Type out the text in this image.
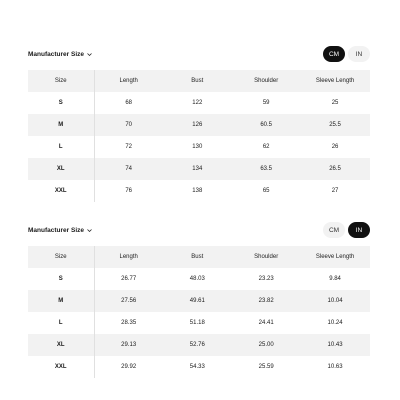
Manufacturer Size	CM	IN
Size	Length	Bust	Shoulder	Sleeve Length
S	68	122	59	25
M	70	126	60.5	25.5
L	72	130	62	26
XL	74	134	63.5	26.5
XXL	76	138	65	27
Manufacturer Size	CM	IN
Size	Length	Bust	Shoulder	Sleeve Length
S	26.77	48.03	23.23	9.84
M	27.56	49.61	23.82	10.04
L	28.35	51.18	24.41	10.24
XL	29.13	52.76	25.00	10.43
XXL	29.92	54.33	25.59	10.63
